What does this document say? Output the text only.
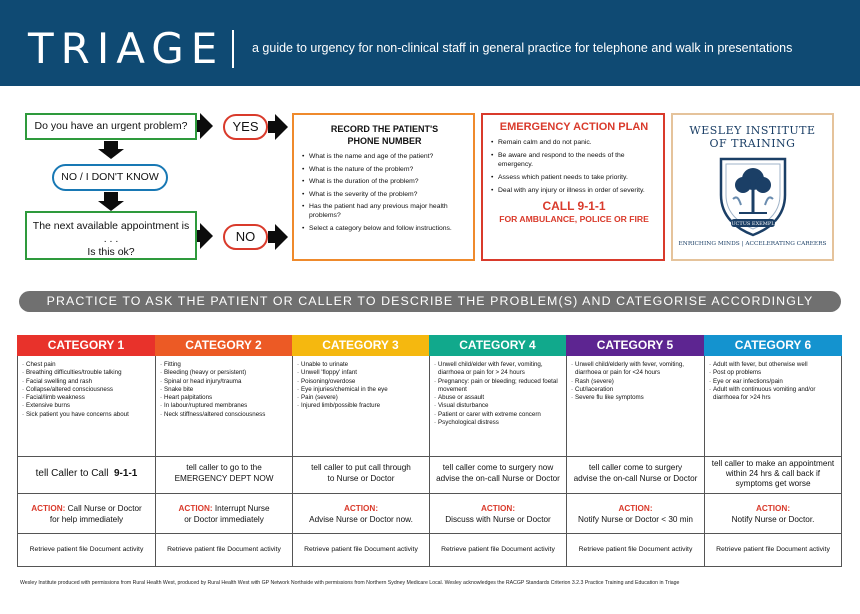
TRIAGE a guide to urgency for non-clinical staff in general practice for telephone and walk in presentations
Do you have an urgent problem?	YES
NO / I DON'T KNOW
The next available appointment is
. . .
Is this ok?
NO
RECORD THE PATIENT'S
PHONE NUMBER
• What is the name and age of the patient?
• What is the nature of the problem?
• What is the duration of the problem?
• What is the severity of the problem?
• Has the patient had any previous major health problems?
• Select a category below and follow instructions.
EMERGENCY ACTION PLAN
• Remain calm and do not panic.
• Be aware and respond to the needs of the emergency.
• Assess which patient needs to take priority.
• Deal with any injury or illness in order of severity.
CALL 9-1-1
FOR AMBULANCE, POLICE OR FIRE
WESLEY INSTITUTE
OF TRAINING
DUCTUS EXEMPLO
ENRICHING MINDS | ACCELERATING CAREERS
PRACTICE TO ASK THE PATIENT OR CALLER TO DESCRIBE THE PROBLEM(S) AND CATEGORISE ACCORDINGLY
CATEGORY 1
· Chest pain
· Breathing difficulties/trouble talking
· Facial swelling and rash
· Collapse/altered consciousness
· Facial/limb weakness
· Extensive burns
· Sick patient you have concerns about
tell Caller to Call 9-1-1
ACTION: Call Nurse or Doctor
for help immediately
Retrieve patient file Document activity
CATEGORY 2
· Fitting
· Bleeding (heavy or persistent)
· Spinal or head injury/trauma
· Snake bite
· Heart palpitations
· In labour/ruptured membranes
· Neck stiffness/altered consciousness
tell caller to go to the
EMERGENCY DEPT NOW
ACTION: Interrupt Nurse
or Doctor immediately
Retrieve patient file Document activity
CATEGORY 3
· Unable to urinate
· Unwell 'floppy' infant
· Poisoning/overdose
· Eye injuries/chemical in the eye
· Pain (severe)
· Injured limb/possible fracture
tell caller to put call through
to Nurse or Doctor
ACTION:
Advise Nurse or Doctor now.
Retrieve patient file Document activity
CATEGORY 4
· Unwell child/elder with fever, vomiting, diarrhoea or pain for > 24 hours
· Pregnancy: pain or bleeding; reduced foetal movement
· Abuse or assault
· Visual disturbance
· Patient or carer with extreme concern
· Psychological distress
tell caller come to surgery now
advise the on-call Nurse or Doctor
ACTION:
Discuss with Nurse or Doctor
Retrieve patient file Document activity
CATEGORY 5
· Unwell child/elderly with fever, vomiting, diarrhoea or pain for <24 hours
· Rash (severe)
· Cut/laceration
· Severe flu like symptoms
tell caller come to surgery
advise the on-call Nurse or Doctor
ACTION:
Notify Nurse or Doctor < 30 min
Retrieve patient file Document activity
CATEGORY 6
· Adult with fever, but otherwise well
· Post op problems
· Eye or ear infections/pain
· Adult with continuous vomiting and/or diarrhoea for >24 hrs
tell caller to make an appointment
within 24 hrs & call back if symptoms get worse
ACTION:
Notify Nurse or Doctor.
Retrieve patient file Document activity
Wesley Institute produced with permissions from Rural Health West, produced by Rural Health West with GP Network Northside with permissions from Northern Sydney Medicare Local. Wesley acknowledges the RACGP Standards Criterion 3.2.3 Practice Training and Education in Triage
